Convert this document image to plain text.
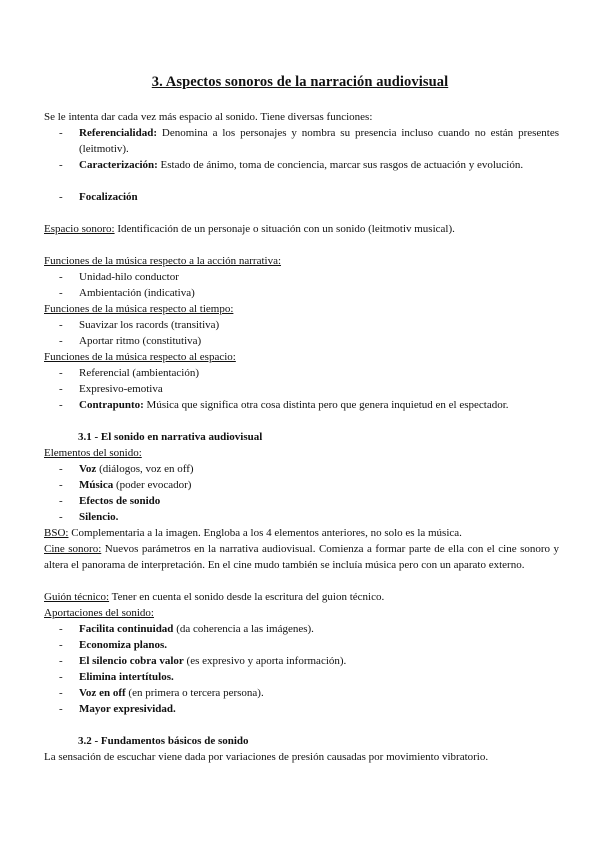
3. Aspectos sonoros de la narración audiovisual
Se le intenta dar cada vez más espacio al sonido. Tiene diversas funciones:
- Referencialidad: Denomina a los personajes y nombra su presencia incluso cuando no están presentes (leitmotiv).
- Caracterización: Estado de ánimo, toma de conciencia, marcar sus rasgos de actuación y evolución.
- Focalización
Espacio sonoro: Identificación de un personaje o situación con un sonido (leitmotiv musical).
Funciones de la música respecto a la acción narrativa:
- Unidad-hilo conductor
- Ambientación (indicativa)
Funciones de la música respecto al tiempo:
- Suavizar los racords (transitiva)
- Aportar ritmo (constitutiva)
Funciones de la música respecto al espacio:
- Referencial (ambientación)
- Expresivo-emotiva
- Contrapunto: Música que significa otra cosa distinta pero que genera inquietud en el espectador.
3.1 - El sonido en narrativa audiovisual
Elementos del sonido:
- Voz (diálogos, voz en off)
- Música (poder evocador)
- Efectos de sonido
- Silencio.
BSO: Complementaria a la imagen. Engloba a los 4 elementos anteriores, no solo es la música.
Cine sonoro: Nuevos parámetros en la narrativa audiovisual. Comienza a formar parte de ella con el cine sonoro y altera el panorama de interpretación. En el cine mudo también se incluía música pero con un aparato externo.
Guión técnico: Tener en cuenta el sonido desde la escritura del guion técnico.
Aportaciones del sonido:
- Facilita continuidad (da coherencia a las imágenes).
- Economiza planos.
- El silencio cobra valor (es expresivo y aporta información).
- Elimina intertítulos.
- Voz en off (en primera o tercera persona).
- Mayor expresividad.
3.2 - Fundamentos básicos de sonido
La sensación de escuchar viene dada por variaciones de presión causadas por movimiento vibratorio.
